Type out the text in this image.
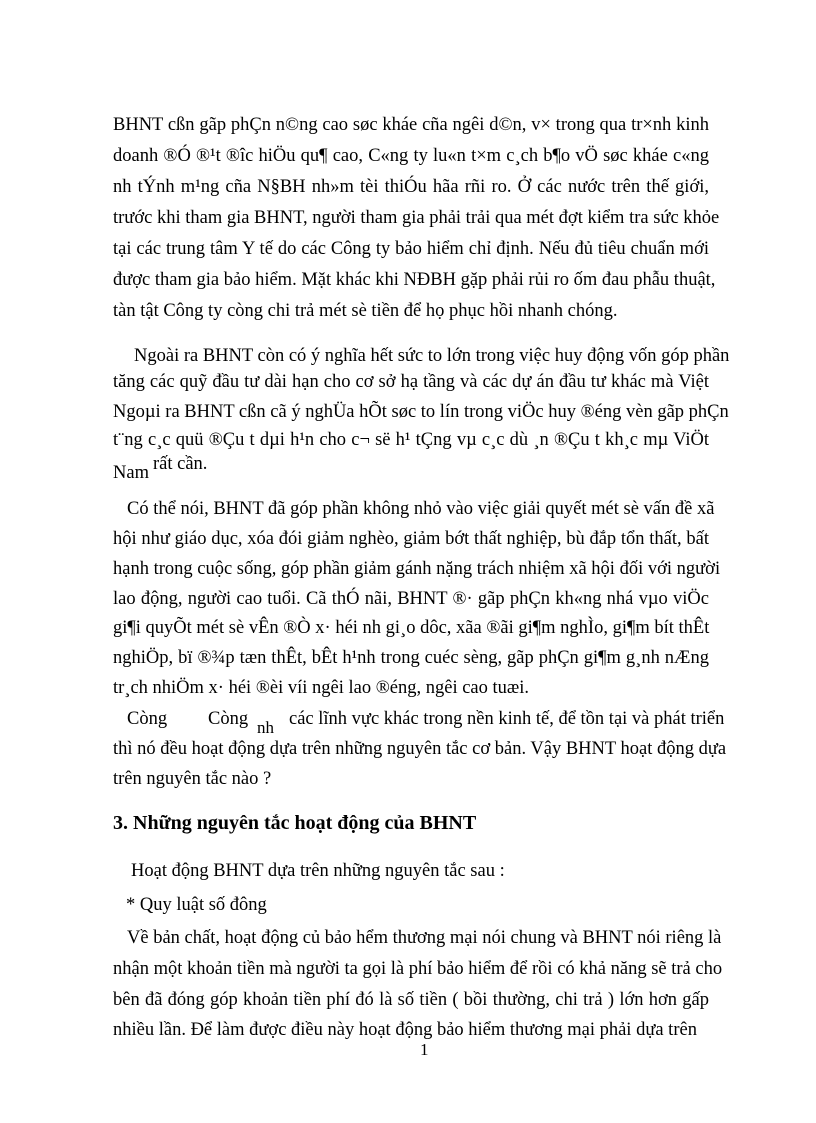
BHNT cßn gãp phÇn n©ng cao søc kháe cña ngêi d©n, v× trong qua tr×nh kinh
doanh ®Ó ®¹t ®îc hiÖu qu¶ cao, C«ng ty lu«n t×m c¸ch b¶o vÖ søc kháe c«ng
nh tÝnh m¹ng cña N§BH nh»m tèi thiÓu hãa rñi ro. Ở các nước trên thế giới,
trước khi tham gia BHNT, người tham gia phải trải qua mét đợt kiểm tra sức khỏe
tại các trung tâm Y tế do các Công ty bảo hiểm chỉ định. Nếu đủ tiêu chuẩn mới
được tham gia bảo hiểm. Mặt khác khi NĐBH gặp phải rủi ro ốm đau phẫu thuật,
tàn tật Công ty còng chi trả mét sè tiền để họ phục hồi nhanh chóng.
Ngoài ra BHNT còn có ý nghĩa hết sức to lớn trong việc huy động vốn góp phần
tăng các quỹ đầu tư dài hạn cho cơ sở hạ tầng và các dự án đầu tư khác mà Việt
Ngoµi ra BHNT cßn cã ý nghÜa hÕt søc to lín trong viÖc huy ®éng vèn gãp phÇn
t¨ng c¸c quü ®Çu t dµi h¹n cho c¬ së h¹ tÇng vµ c¸c dù ¸n ®Çu t kh¸c mµ ViÖt
Nam rất cần.
Có thể nói, BHNT đã góp phần không nhỏ vào việc giải quyết mét sè vấn đề xã
hội như giáo dục, xóa đói giảm nghèo, giảm bớt thất nghiệp, bù đắp tổn thất, bất
hạnh trong cuộc sống, góp phần giảm gánh nặng trách nhiệm xã hội đối với người
lao động, người cao tuổi. Cã thÓ nãi, BHNT ®· gãp phÇn kh«ng nhá vµo viÖc
gi¶i quyÕt mét sè vÊn ®Ò x· héi nh gi¸o dôc, xãa ®ãi gi¶m nghÌo, gi¶m bít thÊt
nghiÖp, bï ®¾p tæn thÊt, bÊt h¹nh trong cuéc sèng, gãp phÇn gi¶m g¸nh nÆng
tr¸ch nhiÖm x· héi ®èi víi ngêi lao ®éng, ngêi cao tuæi.
Còng Còng nh các lĩnh vực khác trong nền kinh tế, để tồn tại và phát triển
thì nó đều hoạt động dựa trên những nguyên tắc cơ bản. Vậy BHNT hoạt động dựa
trên nguyên tắc nào ?
3. Những nguyên tắc hoạt động của BHNT
Hoạt động BHNT dựa trên những nguyên tắc sau :
* Quy luật số đông
Về bản chất, hoạt động củ bảo hểm thương mại nói chung và BHNT nói riêng là
nhận một khoản tiền mà người ta gọi là phí bảo hiểm để rồi có khả năng sẽ trả cho
bên đã đóng góp khoản tiền phí đó là số tiền ( bồi thường, chi trả ) lớn hơn gấp
nhiều lần. Để làm được điều này hoạt động bảo hiểm thương mại phải dựa trên
1
